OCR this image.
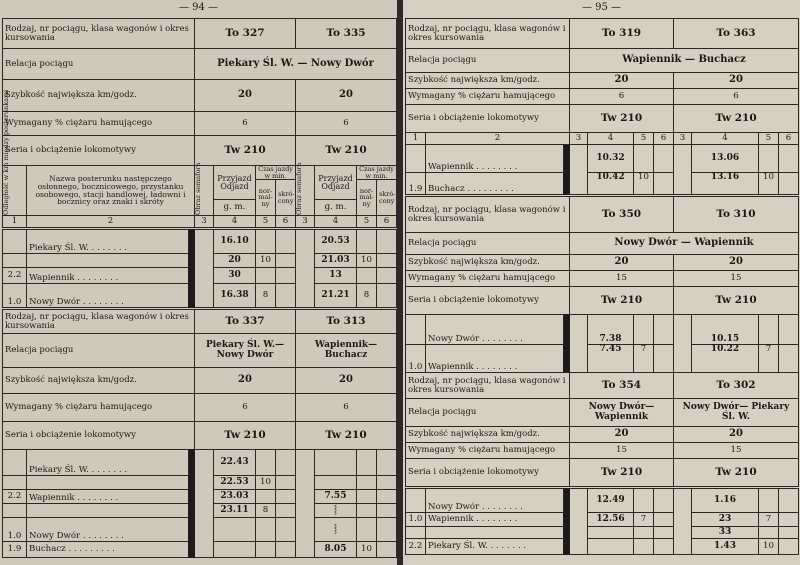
— 94 —
Rodzaj, nr pociągu, klasa wagonów i okres kursowania	To 327	To 335
Relacja pociągu	Piekary Śl. W. — Nowy Dwór	
Szybkość największa km/godz.	20	20
Wymagany % ciężaru hamującego	6	6
Seria i obciążenie lokomotywy	Tw 210	Tw 210
Odległość w km między posterunkami	Nazwa posterunku następczego osłonnego, bocznicowego, przystanku osobowego, stacji handlowej, ładowni i bocznicy oraz znaki i skróty	Obraz semafora	Przyjazd Odjazd	Czas jazdy w min.		Obraz semafora	Przyjazd Odjazd	Czas jazdy w min.	
				nor-mal-ny	skró-cony			nor-mal-ny	skró-cony
			g. m.				g. m.		
1	2	3	4	5	6	3	4	5	6
	Piekary Śl. W. . . . . . . .			16.10				20.53		
				20	10			21.03	10	
2.2	Wapiennik . . . . . . . .			30				13		
1.0	Nowy Dwór . . . . . . . .			16.38	8			21.21	8	
Rodzaj, nr pociągu, klasa wagonów i okres kursowania	To 337	To 313
Relacja pociągu	Piekary Śl. W.— Nowy Dwór	Wapiennik— Buchacz
Szybkość największa km/godz.	20	20
Wymagany % ciężaru hamującego	6	6
Seria i obciążenie lokomotywy	Tw 210	Tw 210
	Piekary Śl. W. . . . . . . .			22.43						
				22.53	10					
2.2	Wapiennik . . . . . . . .			23.03				7.55		
				23.11	8			⸾		
1.0	Nowy Dwór . . . . . . . .							⸾		
1.9	Buchacz . . . . . . . . .							8.05	10	
— 95 —
Rodzaj, nr pociągu, klasa wagonów i okres kursowania	To 319	To 363
Relacja pociągu	Wapiennik — Buchacz	
Szybkość największa km/godz.	20	20
Wymagany % ciężaru hamującego	6	6
Seria i obciążenie lokomotywy	Tw 210	Tw 210
1	2		3	4	5	6	3	4	5	6
	Wapiennik . . . . . . . .			10.32				13.06		
1.9	Buchacz . . . . . . . . .			10.42	10			13.16	10	
Rodzaj, nr pociągu, klasa wagonów i okres kursowania	To 350	To 310
Relacja pociągu	Nowy Dwór — Wapiennik	
Szybkość największa km/godz.	20	20
Wymagany % ciężaru hamującego	15	15
Seria i obciążenie lokomotywy	Tw 210	Tw 210
	Nowy Dwór . . . . . . . .			7.38				10.15		
1.0	Wapiennik . . . . . . . .			7.45	7			10.22	7	
Rodzaj, nr pociągu, klasa wagonów i okres kursowania	To 354	To 302
Relacja pociągu	Nowy Dwór— Wapiennik	Nowy Dwór— Piekary Śl. W.
Szybkość największa km/godz.	20	20
Wymagany % ciężaru hamującego	15	15
Seria i obciążenie lokomotywy	Tw 210	Tw 210
	Nowy Dwór . . . . . . . .			12.49				1.16		
1.0	Wapiennik . . . . . . . .			12.56	7			23	7	
								33		
2.2	Piekary Śl. W. . . . . . . .							1.43	10	
